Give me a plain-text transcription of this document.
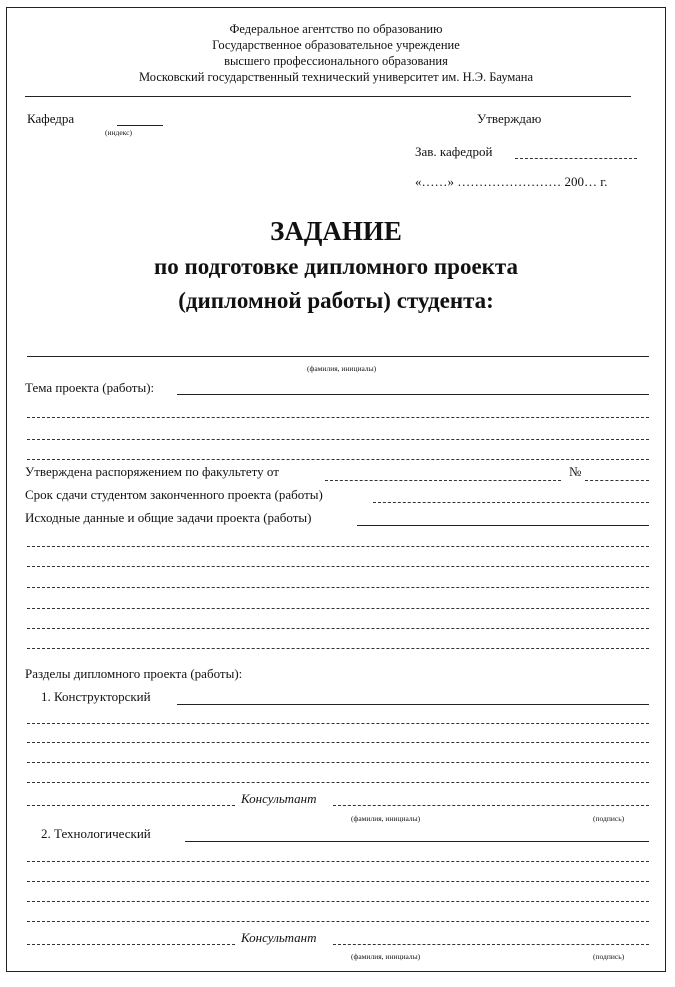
Федеральное агентство по образованию
Государственное образовательное учреждение
высшего профессионального образования
Московский государственный технический университет им. Н.Э. Баумана
Кафедра
(индекс)
Утверждаю
Зав. кафедрой
«……» …………………… 200… г.
ЗАДАНИЕ
по подготовке дипломного проекта
(дипломной работы) студента:
(фамилия, инициалы)
Тема проекта (работы):
Утверждена распоряжением по факультету от	№
Срок сдачи студентом законченного проекта (работы)
Исходные данные и общие задачи проекта (работы)
Разделы дипломного проекта (работы):
1. Конструкторский
Консультант
(фамилия, инициалы)	(подпись)
2. Технологический
Консультант
(фамилия, инициалы)	(подпись)
